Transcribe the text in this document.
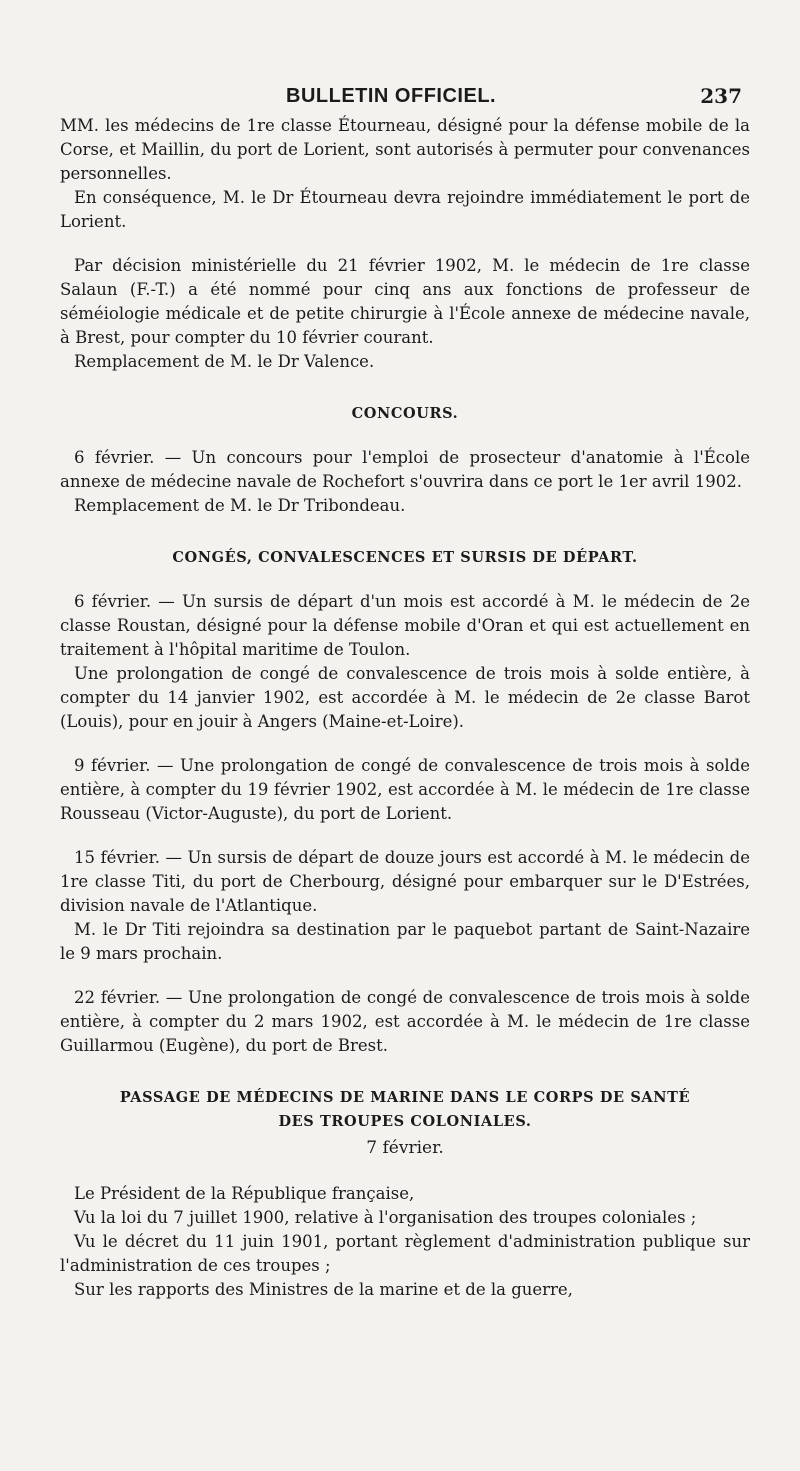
BULLETIN OFFICIEL.	237

MM. les médecins de 1re classe Étourneau, désigné pour la défense mobile de la Corse, et Maillin, du port de Lorient, sont autorisés à permuter pour convenances personnelles.

En conséquence, M. le Dr Étourneau devra rejoindre immédiatement le port de Lorient.

Par décision ministérielle du 21 février 1902, M. le médecin de 1re classe Salaun (F.-T.) a été nommé pour cinq ans aux fonctions de professeur de séméiologie médicale et de petite chirurgie à l'École annexe de médecine navale, à Brest, pour compter du 10 février courant.

Remplacement de M. le Dr Valence.

CONCOURS.

6 février. — Un concours pour l'emploi de prosecteur d'anatomie à l'École annexe de médecine navale de Rochefort s'ouvrira dans ce port le 1er avril 1902.

Remplacement de M. le Dr Tribondeau.

CONGÉS, CONVALESCENCES ET SURSIS DE DÉPART.

6 février. — Un sursis de départ d'un mois est accordé à M. le médecin de 2e classe Roustan, désigné pour la défense mobile d'Oran et qui est actuellement en traitement à l'hôpital maritime de Toulon.

Une prolongation de congé de convalescence de trois mois à solde entière, à compter du 14 janvier 1902, est accordée à M. le médecin de 2e classe Barot (Louis), pour en jouir à Angers (Maine-et-Loire).

9 février. — Une prolongation de congé de convalescence de trois mois à solde entière, à compter du 19 février 1902, est accordée à M. le médecin de 1re classe Rousseau (Victor-Auguste), du port de Lorient.

15 février. — Un sursis de départ de douze jours est accordé à M. le médecin de 1re classe Titi, du port de Cherbourg, désigné pour embarquer sur le D'Estrées, division navale de l'Atlantique.

M. le Dr Titi rejoindra sa destination par le paquebot partant de Saint-Nazaire le 9 mars prochain.

22 février. — Une prolongation de congé de convalescence de trois mois à solde entière, à compter du 2 mars 1902, est accordée à M. le médecin de 1re classe Guillarmou (Eugène), du port de Brest.

PASSAGE DE MÉDECINS DE MARINE DANS LE CORPS DE SANTÉ
DES TROUPES COLONIALES.
7 février.

Le Président de la République française,

Vu la loi du 7 juillet 1900, relative à l'organisation des troupes coloniales ;

Vu le décret du 11 juin 1901, portant règlement d'administration publique sur l'administration de ces troupes ;

Sur les rapports des Ministres de la marine et de la guerre,
